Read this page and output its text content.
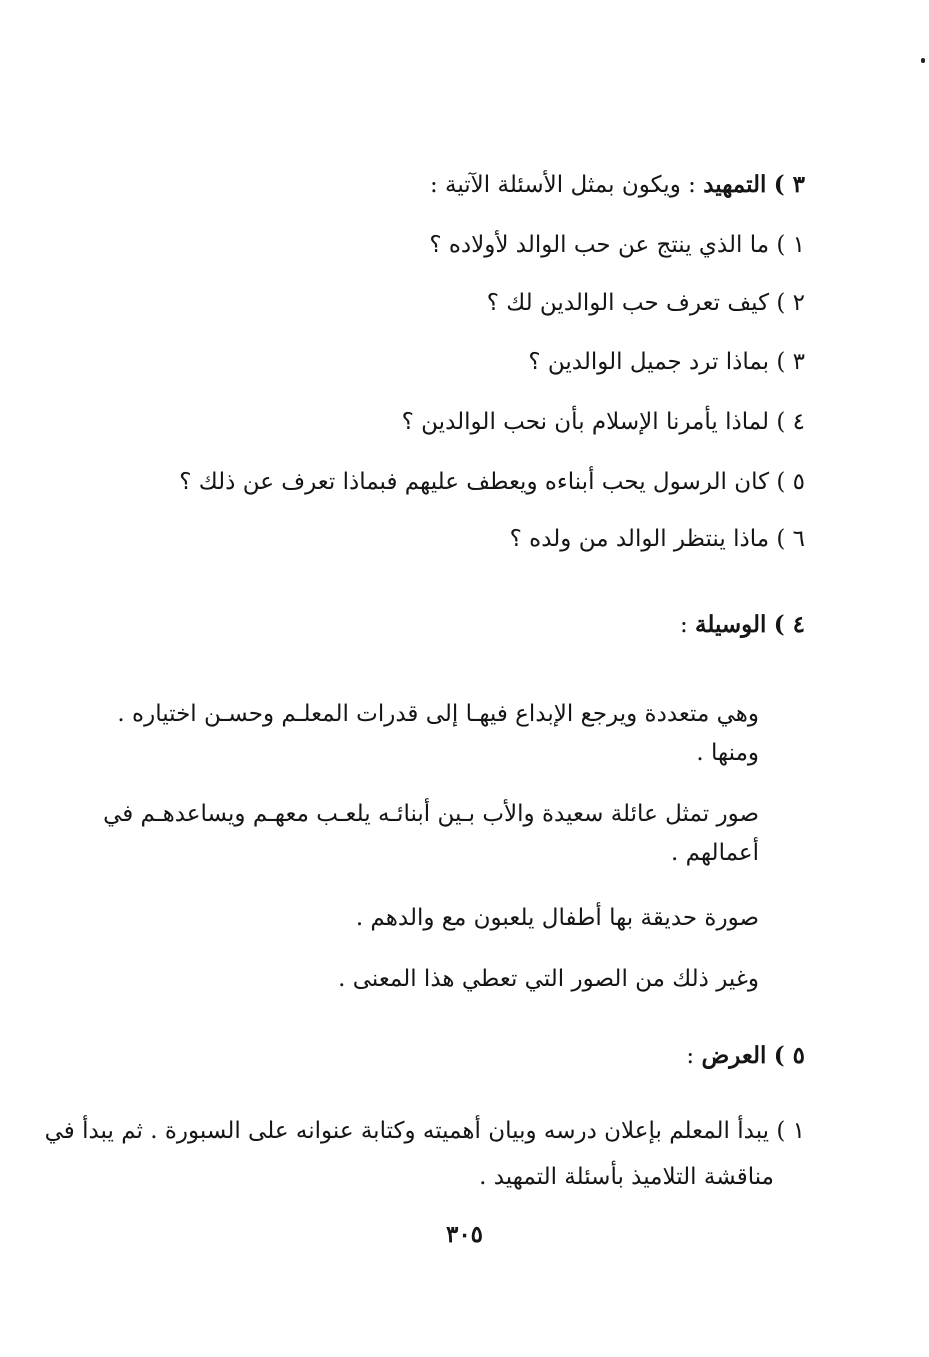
٣ ) التمهيد : ويكون بمثل الأسئلة الآتية :
١ ) ما الذي ينتج عن حب الوالد لأولاده ؟
٢ ) كيف تعرف حب الوالدين لك ؟
٣ ) بماذا ترد جميل الوالدين ؟
٤ ) لماذا يأمرنا الإسلام بأن نحب الوالدين ؟
٥ ) كان الرسول يحب أبناءه ويعطف عليهم فبماذا تعرف عن ذلك ؟
٦ ) ماذا ينتظر الوالد من ولده ؟
٤ ) الوسيلة :
وهي متعددة ويرجع الإبداع فيهـا إلى قدرات المعلـم وحسـن اختياره .
ومنها .
صور تمثل عائلة سعيدة والأب بـين أبنائـه يلعـب معهـم ويساعدهـم في
أعمالهم .
صورة حديقة بها أطفال يلعبون مع والدهم .
وغير ذلك من الصور التي تعطي هذا المعنى .
٥ ) العرض :
١ ) يبدأ المعلم بإعلان درسه وبيان أهميته وكتابة عنوانه على السبورة . ثم يبدأ في
مناقشة التلاميذ بأسئلة التمهيد .
٣٠٥
